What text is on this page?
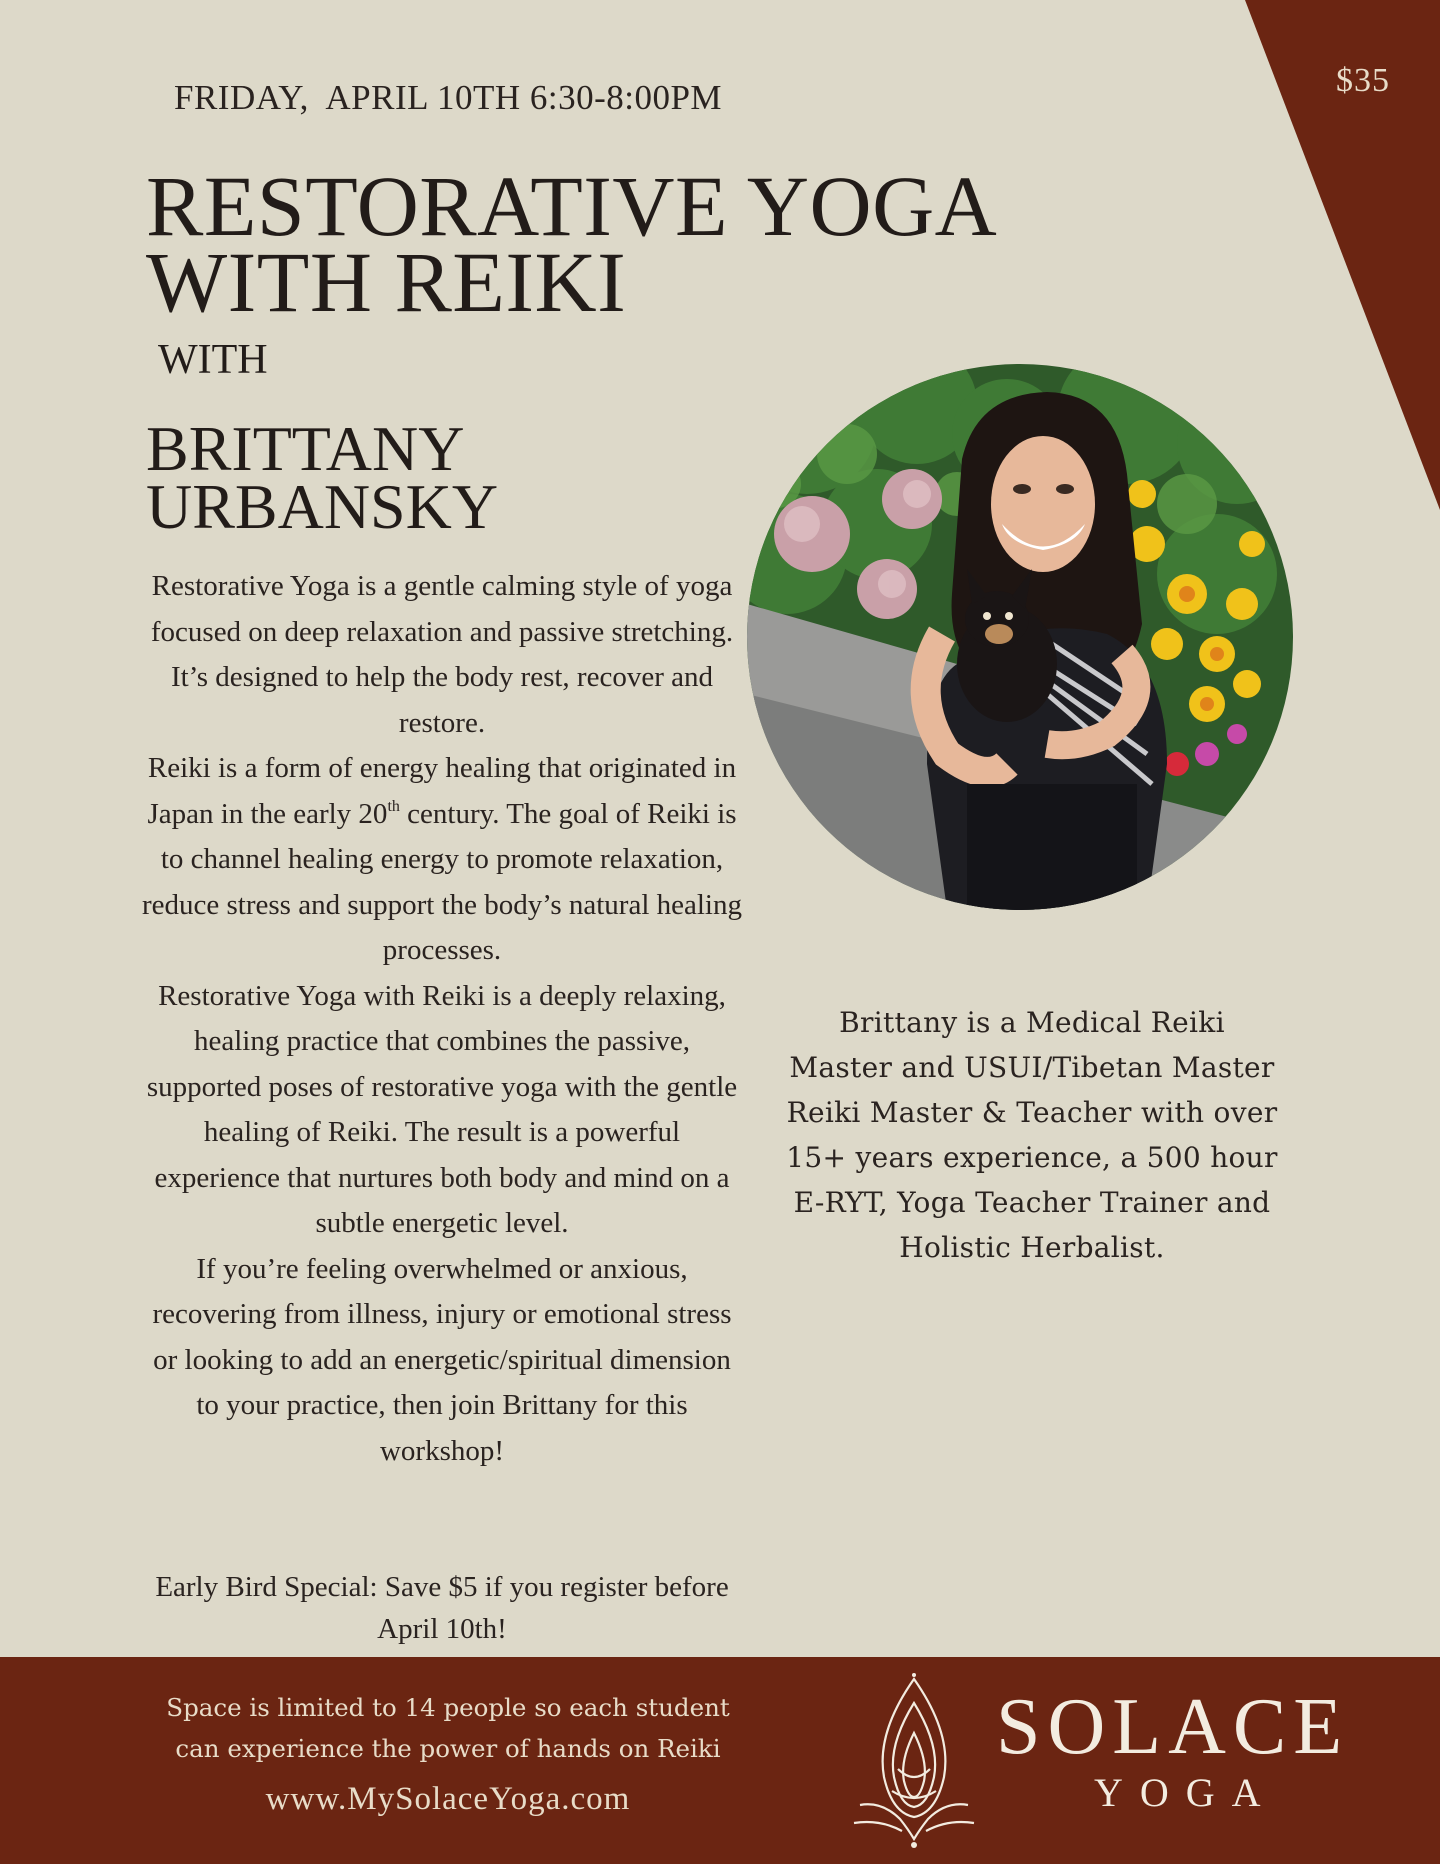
$35
FRIDAY,  APRIL 10TH 6:30-8:00PM
RESTORATIVE YOGA
WITH REIKI
WITH
BRITTANY
URBANSKY

Restorative Yoga is a gentle calming style of yoga focused on deep relaxation and passive stretching. It’s designed to help the body rest, recover and restore.

Reiki is a form of energy healing that originated in Japan in the early 20th century. The goal of Reiki is to channel healing energy to promote relaxation, reduce stress and support the body’s natural healing processes.

Restorative Yoga with Reiki is a deeply relaxing, healing practice that combines the passive, supported poses of restorative yoga with the gentle healing of Reiki. The result is a powerful experience that nurtures both body and mind on a subtle energetic level.

If you’re feeling overwhelmed or anxious, recovering from illness, injury or emotional stress or looking to add an energetic/spiritual dimension to your practice, then join Brittany for this workshop!

Early Bird Special: Save $5 if you register before April 10th!
Brittany is a Medical Reiki Master and USUI/Tibetan Master Reiki Master & Teacher with over 15+ years experience, a 500 hour E-RYT, Yoga Teacher Trainer and Holistic Herbalist.
Space is limited to 14 people so each student can experience the power of hands on Reiki
www.MySolaceYoga.com
SOLACE
YOGA
